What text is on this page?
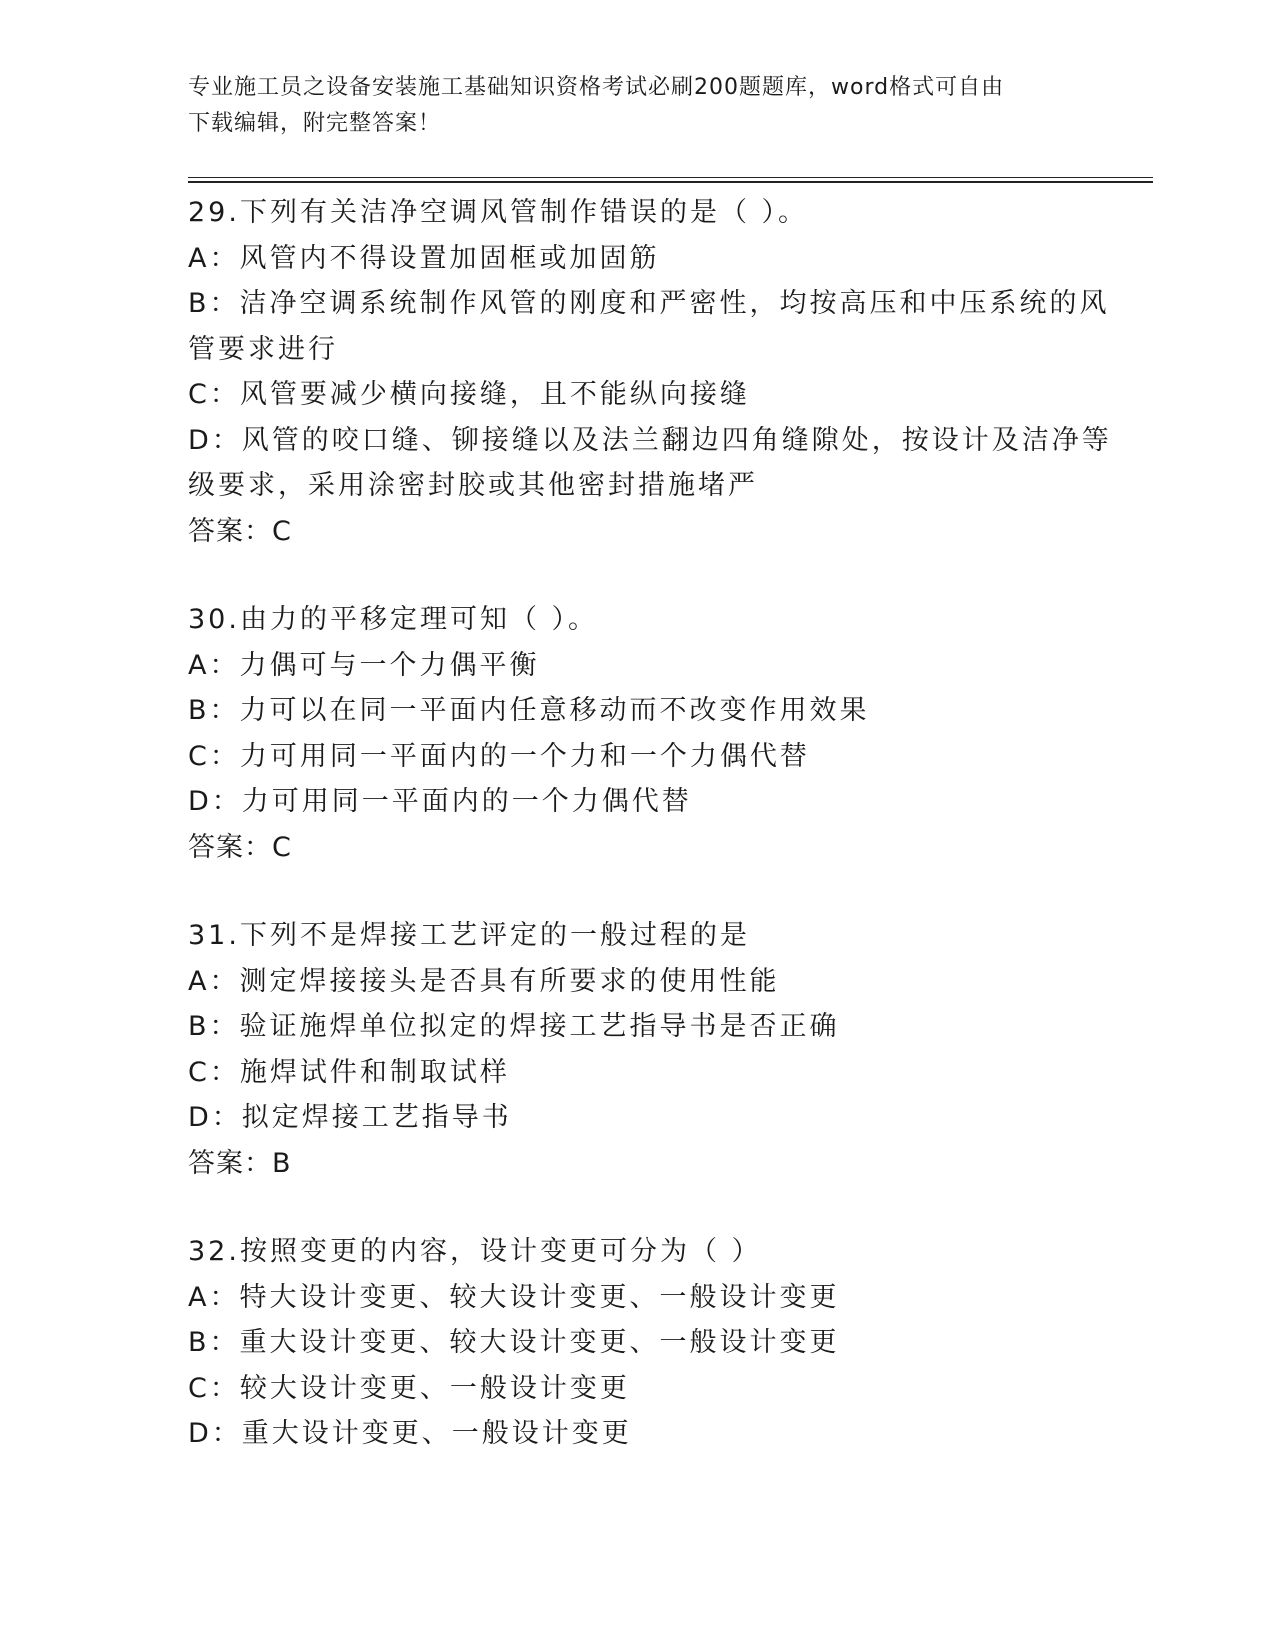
专业施工员之设备安装施工基础知识资格考试必刷200题题库，word格式可自由
下载编辑，附完整答案！
29.下列有关洁净空调风管制作错误的是（ ）。
A：风管内不得设置加固框或加固筋
B：洁净空调系统制作风管的刚度和严密性，均按高压和中压系统的风
管要求进行
C：风管要减少横向接缝，且不能纵向接缝
D：风管的咬口缝、铆接缝以及法兰翻边四角缝隙处，按设计及洁净等
级要求，采用涂密封胶或其他密封措施堵严
答案：C
30.由力的平移定理可知（ ）。
A：力偶可与一个力偶平衡
B：力可以在同一平面内任意移动而不改变作用效果
C：力可用同一平面内的一个力和一个力偶代替
D：力可用同一平面内的一个力偶代替
答案：C
31.下列不是焊接工艺评定的一般过程的是
A：测定焊接接头是否具有所要求的使用性能
B：验证施焊单位拟定的焊接工艺指导书是否正确
C：施焊试件和制取试样
D：拟定焊接工艺指导书
答案：B
32.按照变更的内容，设计变更可分为（ ）
A：特大设计变更、较大设计变更、一般设计变更
B：重大设计变更、较大设计变更、一般设计变更
C：较大设计变更、一般设计变更
D：重大设计变更、一般设计变更
